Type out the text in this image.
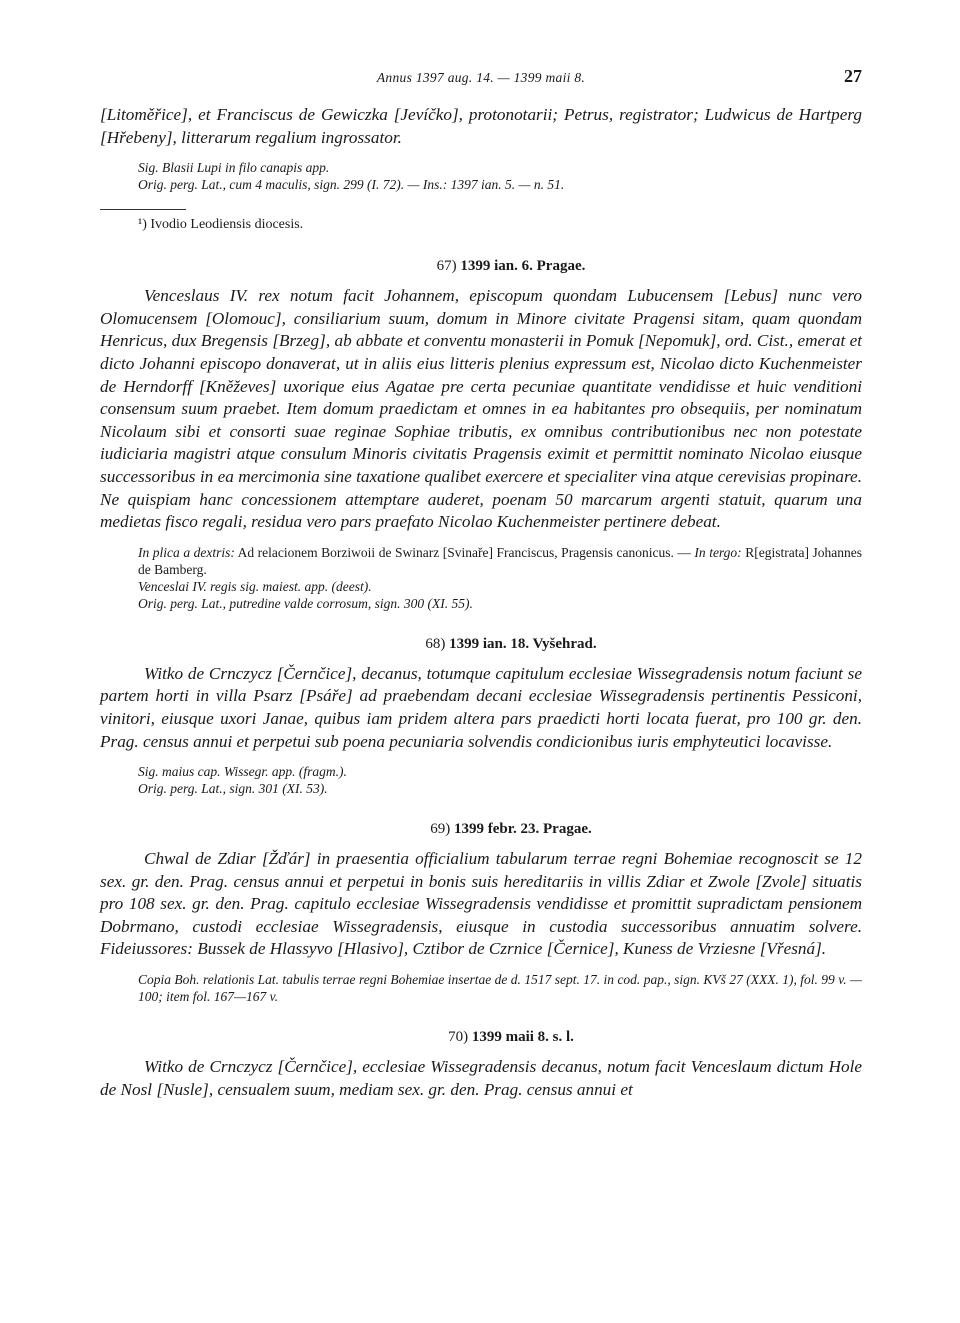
Annus 1397 aug. 14. — 1399 maii 8.	27

[Litoměřice], et Franciscus de Gewiczka [Jevíčko], protonotarii; Petrus, registrator; Ludwicus de Hartperg [Hřebeny], litterarum regalium ingrossator.

Sig. Blasii Lupi in filo canapis app.

Orig. perg. Lat., cum 4 maculis, sign. 299 (I. 72). — Ins.: 1397 ian. 5. — n. 51.

¹) Ivodio Leodiensis diocesis.

67) 1399 ian. 6. Pragae.

Venceslaus IV. rex notum facit Johannem, episcopum quondam Lubucensem [Lebus] nunc vero Olomucensem [Olomouc], consiliarium suum, domum in Minore civitate Pragensi sitam, quam quondam Henricus, dux Bregensis [Brzeg], ab abbate et conventu monasterii in Pomuk [Nepomuk], ord. Cist., emerat et dicto Johanni episcopo donaverat, ut in aliis eius litteris plenius expressum est, Nicolao dicto Kuchenmeister de Herndorff [Kněževes] uxorique eius Agatae pre certa pecuniae quantitate vendidisse et huic venditioni consensum suum praebet. Item domum praedictam et omnes in ea habitantes pro obsequiis, per nominatum Nicolaum sibi et consorti suae reginae Sophiae tributis, ex omnibus contributionibus nec non potestate iudiciaria magistri atque consulum Minoris civitatis Pragensis eximit et permittit nominato Nicolao eiusque successoribus in ea mercimonia sine taxatione qualibet exercere et specialiter vina atque cerevisias propinare. Ne quispiam hanc concessionem attemptare auderet, poenam 50 marcarum argenti statuit, quarum una medietas fisco regali, residua vero pars praefato Nicolao Kuchenmeister pertinere debeat.

In plica a dextris: Ad relacionem Borziwoii de Swinarz [Svinaře] Franciscus, Pragensis canonicus. — In tergo: R[egistrata] Johannes de Bamberg.

Venceslai IV. regis sig. maiest. app. (deest).

Orig. perg. Lat., putredine valde corrosum, sign. 300 (XI. 55).

68) 1399 ian. 18. Vyšehrad.

Witko de Crnczycz [Černčice], decanus, totumque capitulum ecclesiae Wissegradensis notum faciunt se partem horti in villa Psarz [Psáře] ad praebendam decani ecclesiae Wissegradensis pertinentis Pessiconi, vinitori, eiusque uxori Janae, quibus iam pridem altera pars praedicti horti locata fuerat, pro 100 gr. den. Prag. census annui et perpetui sub poena pecuniaria solvendis condicionibus iuris emphyteutici locavisse.

Sig. maius cap. Wissegr. app. (fragm.).

Orig. perg. Lat., sign. 301 (XI. 53).

69) 1399 febr. 23. Pragae.

Chwal de Zdiar [Žďár] in praesentia officialium tabularum terrae regni Bohemiae recognoscit se 12 sex. gr. den. Prag. census annui et perpetui in bonis suis hereditariis in villis Zdiar et Zwole [Zvole] situatis pro 108 sex. gr. den. Prag. capitulo ecclesiae Wissegradensis vendidisse et promittit supradictam pensionem Dobrmano, custodi ecclesiae Wissegradensis, eiusque in custodia successoribus annuatim solvere. Fideiussores: Bussek de Hlassyvo [Hlasivo], Cztibor de Czrnice [Černice], Kuness de Vrziesne [Vřesná].

Copia Boh. relationis Lat. tabulis terrae regni Bohemiae insertae de d. 1517 sept. 17. in cod. pap., sign. KVš 27 (XXX. 1), fol. 99 v. — 100; item fol. 167—167 v.

70) 1399 maii 8. s. l.

Witko de Crnczycz [Černčice], ecclesiae Wissegradensis decanus, notum facit Venceslaum dictum Hole de Nosl [Nusle], censualem suum, mediam sex. gr. den. Prag. census annui et
